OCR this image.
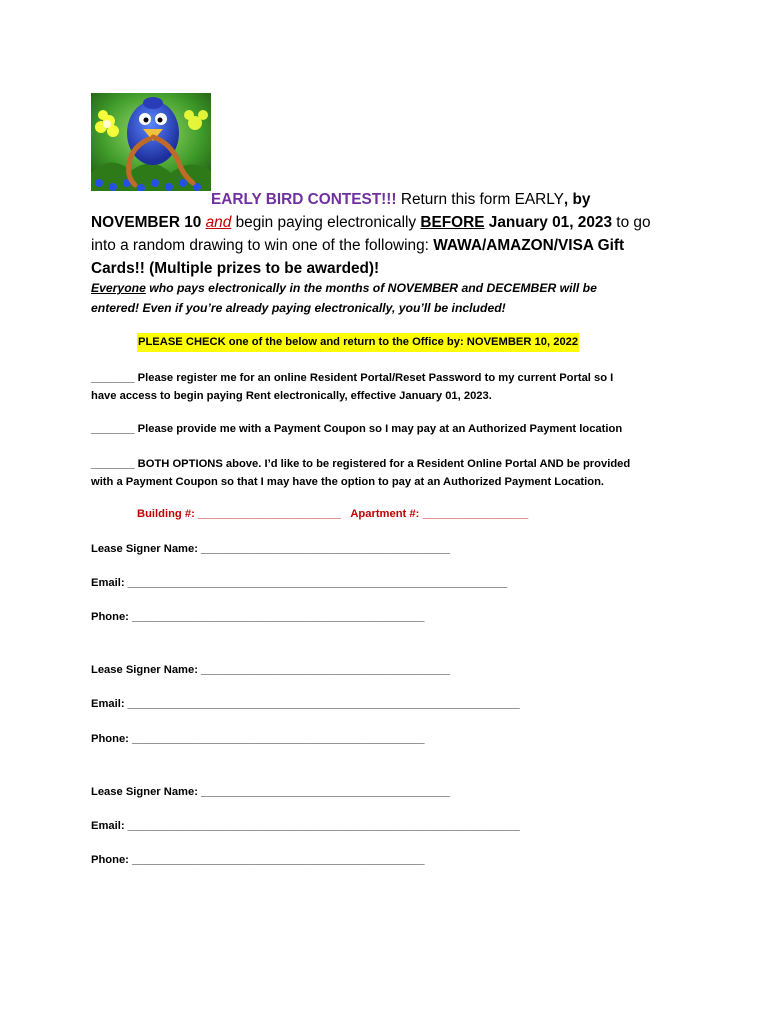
EARLY BIRD CONTEST!!! Return this form EARLY, by
NOVEMBER 10 and begin paying electronically BEFORE January 01, 2023 to go
into a random drawing to win one of the following: WAWA/AMAZON/VISA Gift
Cards!! (Multiple prizes to be awarded)!
Everyone who pays electronically in the months of NOVEMBER and DECEMBER will be
entered! Even if you’re already paying electronically, you’ll be included!
PLEASE CHECK one of the below and return to the Office by: NOVEMBER 10, 2022
_______ Please register me for an online Resident Portal/Reset Password to my current Portal so I
have access to begin paying Rent electronically, effective January 01, 2023.
_______ Please provide me with a Payment Coupon so I may pay at an Authorized Payment location
_______ BOTH OPTIONS above. I’d like to be registered for a Resident Online Portal AND be provided
with a Payment Coupon so that I may have the option to pay at an Authorized Payment Location.
Building #: _______________________ Apartment #: _________________
Lease Signer Name: ________________________________________
Email: _____________________________________________________________
Phone: _______________________________________________
Lease Signer Name: ________________________________________
Email: _______________________________________________________________
Phone: _______________________________________________
Lease Signer Name: ________________________________________
Email: _______________________________________________________________
Phone: _______________________________________________
